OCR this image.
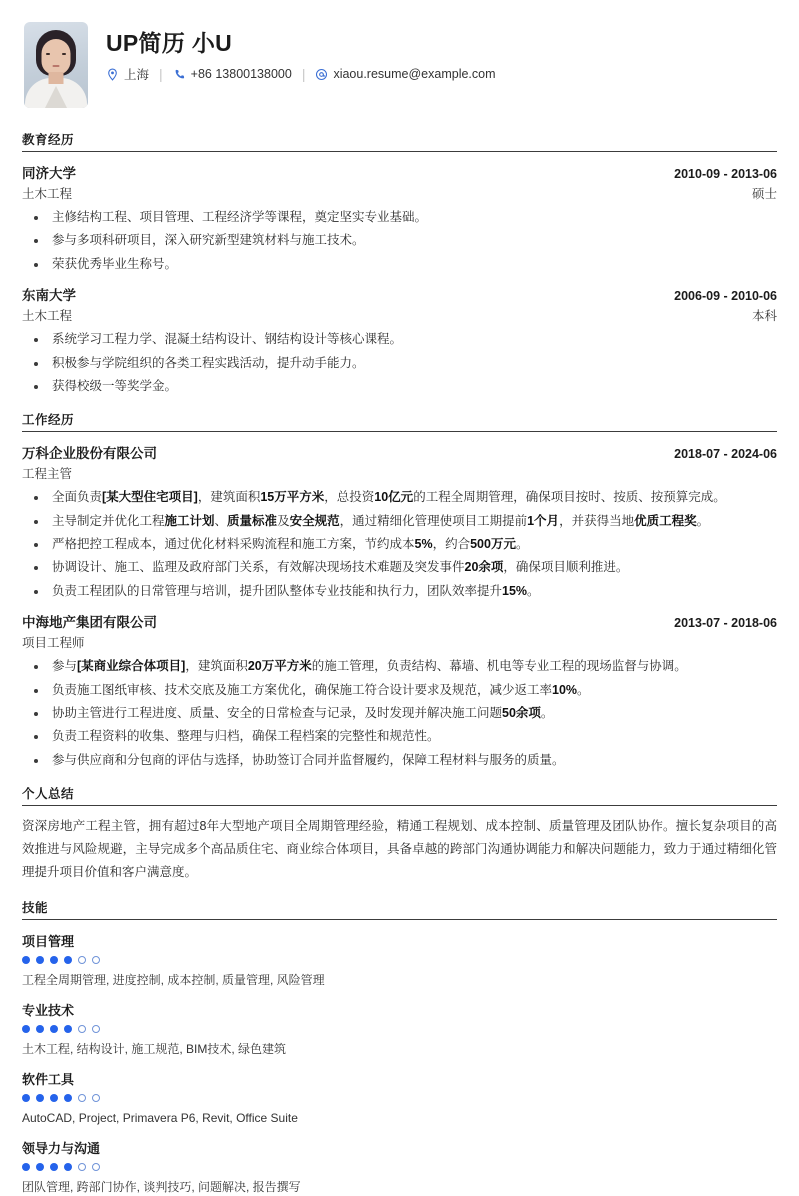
UP简历 小U
上海 | +86 13800138000 | xiaou.resume@example.com
教育经历
同济大学	2010-09 - 2013-06
土木工程	硕士
主修结构工程、项目管理、工程经济学等课程，奠定坚实专业基础。
参与多项科研项目，深入研究新型建筑材料与施工技术。
荣获优秀毕业生称号。
东南大学	2006-09 - 2010-06
土木工程	本科
系统学习工程力学、混凝土结构设计、钢结构设计等核心课程。
积极参与学院组织的各类工程实践活动，提升动手能力。
获得校级一等奖学金。
工作经历
万科企业股份有限公司	2018-07 - 2024-06
工程主管
全面负责[某大型住宅项目]，建筑面积15万平方米，总投资10亿元的工程全周期管理，确保项目按时、按质、按预算完成。
主导制定并优化工程施工计划、质量标准及安全规范，通过精细化管理使项目工期提前1个月，并获得当地优质工程奖。
严格把控工程成本，通过优化材料采购流程和施工方案，节约成本5%，约合500万元。
协调设计、施工、监理及政府部门关系，有效解决现场技术难题及突发事件20余项，确保项目顺利推进。
负责工程团队的日常管理与培训，提升团队整体专业技能和执行力，团队效率提升15%。
中海地产集团有限公司	2013-07 - 2018-06
项目工程师
参与[某商业综合体项目]，建筑面积20万平方米的施工管理，负责结构、幕墙、机电等专业工程的现场监督与协调。
负责施工图纸审核、技术交底及施工方案优化，确保施工符合设计要求及规范，减少返工率10%。
协助主管进行工程进度、质量、安全的日常检查与记录，及时发现并解决施工问题50余项。
负责工程资料的收集、整理与归档，确保工程档案的完整性和规范性。
参与供应商和分包商的评估与选择，协助签订合同并监督履约，保障工程材料与服务的质量。
个人总结
资深房地产工程主管，拥有超过8年大型地产项目全周期管理经验，精通工程规划、成本控制、质量管理及团队协作。擅长复杂项目的高效推进与风险规避，主导完成多个高品质住宅、商业综合体项目，具备卓越的跨部门沟通协调能力和解决问题能力，致力于通过精细化管理提升项目价值和客户满意度。
技能
项目管理
工程全周期管理, 进度控制, 成本控制, 质量管理, 风险管理
专业技术
土木工程, 结构设计, 施工规范, BIM技术, 绿色建筑
软件工具
AutoCAD, Project, Primavera P6, Revit, Office Suite
领导力与沟通
团队管理, 跨部门协作, 谈判技巧, 问题解决, 报告撰写
